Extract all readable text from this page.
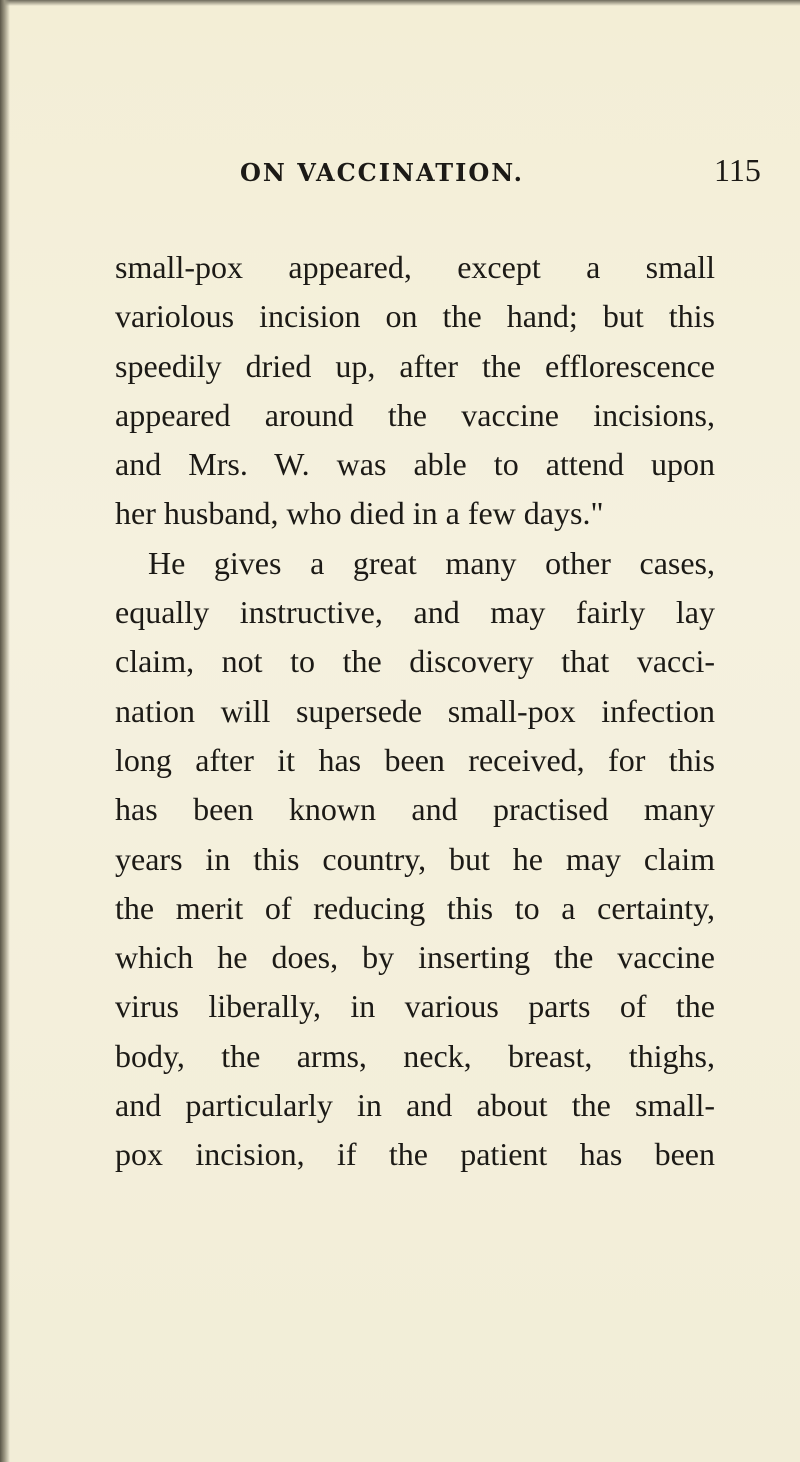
ON VACCINATION.	115
small-pox appeared, except a small
variolous incision on the hand; but this
speedily dried up, after the efflorescence
appeared around the vaccine incisions,
and Mrs. W. was able to attend upon
her husband, who died in a few days."
He gives a great many other cases,
equally instructive, and may fairly lay
claim, not to the discovery that vacci-
nation will supersede small-pox infection
long after it has been received, for this
has been known and practised many
years in this country, but he may claim
the merit of reducing this to a certainty,
which he does, by inserting the vaccine
virus liberally, in various parts of the
body, the arms, neck, breast, thighs,
and particularly in and about the small-
pox incision, if the patient has been
